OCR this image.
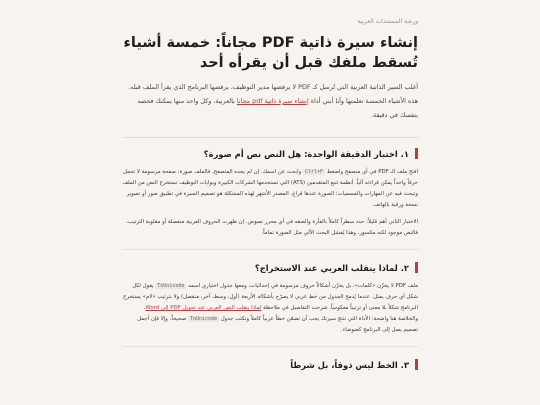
ورشة المستندات العربية
إنشاء سيرة ذاتية PDF مجاناً: خمسة أشياء تُسقط ملفك قبل أن يقرأه أحد

أغلب السير الذاتية العربية التي تُرسل كـ PDF لا يرفضها مدير التوظيف، يرفضها البرنامج الذي يقرأ الملف قبله. هذه الأشياء الخمسة تعلمتها وأنا أبني أداة إنشاء سيرة ذاتية pdf مجانا بالعربية، وكل واحد منها يمكنك فحصه بنفسك في دقيقة.

١. اختبار الدقيقة الواحدة: هل النص نص أم صورة؟

افتح ملف الـ PDF في أي متصفح واضغط Ctrl+F وابحث عن اسمك. إن لم يجده المتصفح، فالملف صورة: صفحة مرسومة لا تحمل حرفاً واحداً يمكن قراءته آلياً. أنظمة تتبع المتقدمين (ATS) التي تستخدمها الشركات الكبيرة وبوابات التوظيف تستخرج النص من الملف وتبحث فيه عن المهارات والمسميات؛ الصورة عندها فراغ. المصدر الأشهر لهذه المشكلة هو تصميم السيرة في تطبيق صور أو تصوير نسخة ورقية بالهاتف.

الاختبار الثاني أهم قليلاً: حدد سطراً كاملاً بالفأرة والصقه في أي محرر نصوص. إن ظهرت الحروف العربية منفصلة أو مقلوبة الترتيب، فالنص موجود لكنه مكسور، وهذا يُفشل البحث الآلي مثل الصورة تماماً.

٢. لماذا ينقلب العربي عند الاستخراج؟

ملف PDF لا يخزّن «كلمات»، بل يخزّن أشكالاً حروف مرسومة في إحداثيات، ومعها جدول اختياري اسمه ToUnicode يقول لكل شكل أي حرف يمثل. عندما يُدمج الجدول من خط عربي لا يصرّح بأشكاله الأربعة (أول، وسط، آخر، منفصل) ولا بترتيب «لام» يستخرج البرنامج شكلاً بلا معنى أو ترتيباً معكوساً. شرحت التفاصيل في ملاحظة لماذا ينقلب النص العربي عند تحويل PDF إلى Word، والخلاصة هنا واضحة: الأداة التي تنتج سيرتك يجب أن تضمّن خطاً عربياً كاملاً وتكتب جدول ToUnicode صحيحاً، وإلا فإن أجمل تصميم يصل إلى البرنامج كضوضاء.

٣. الخط ليس ذوقاً، بل شرطاً
